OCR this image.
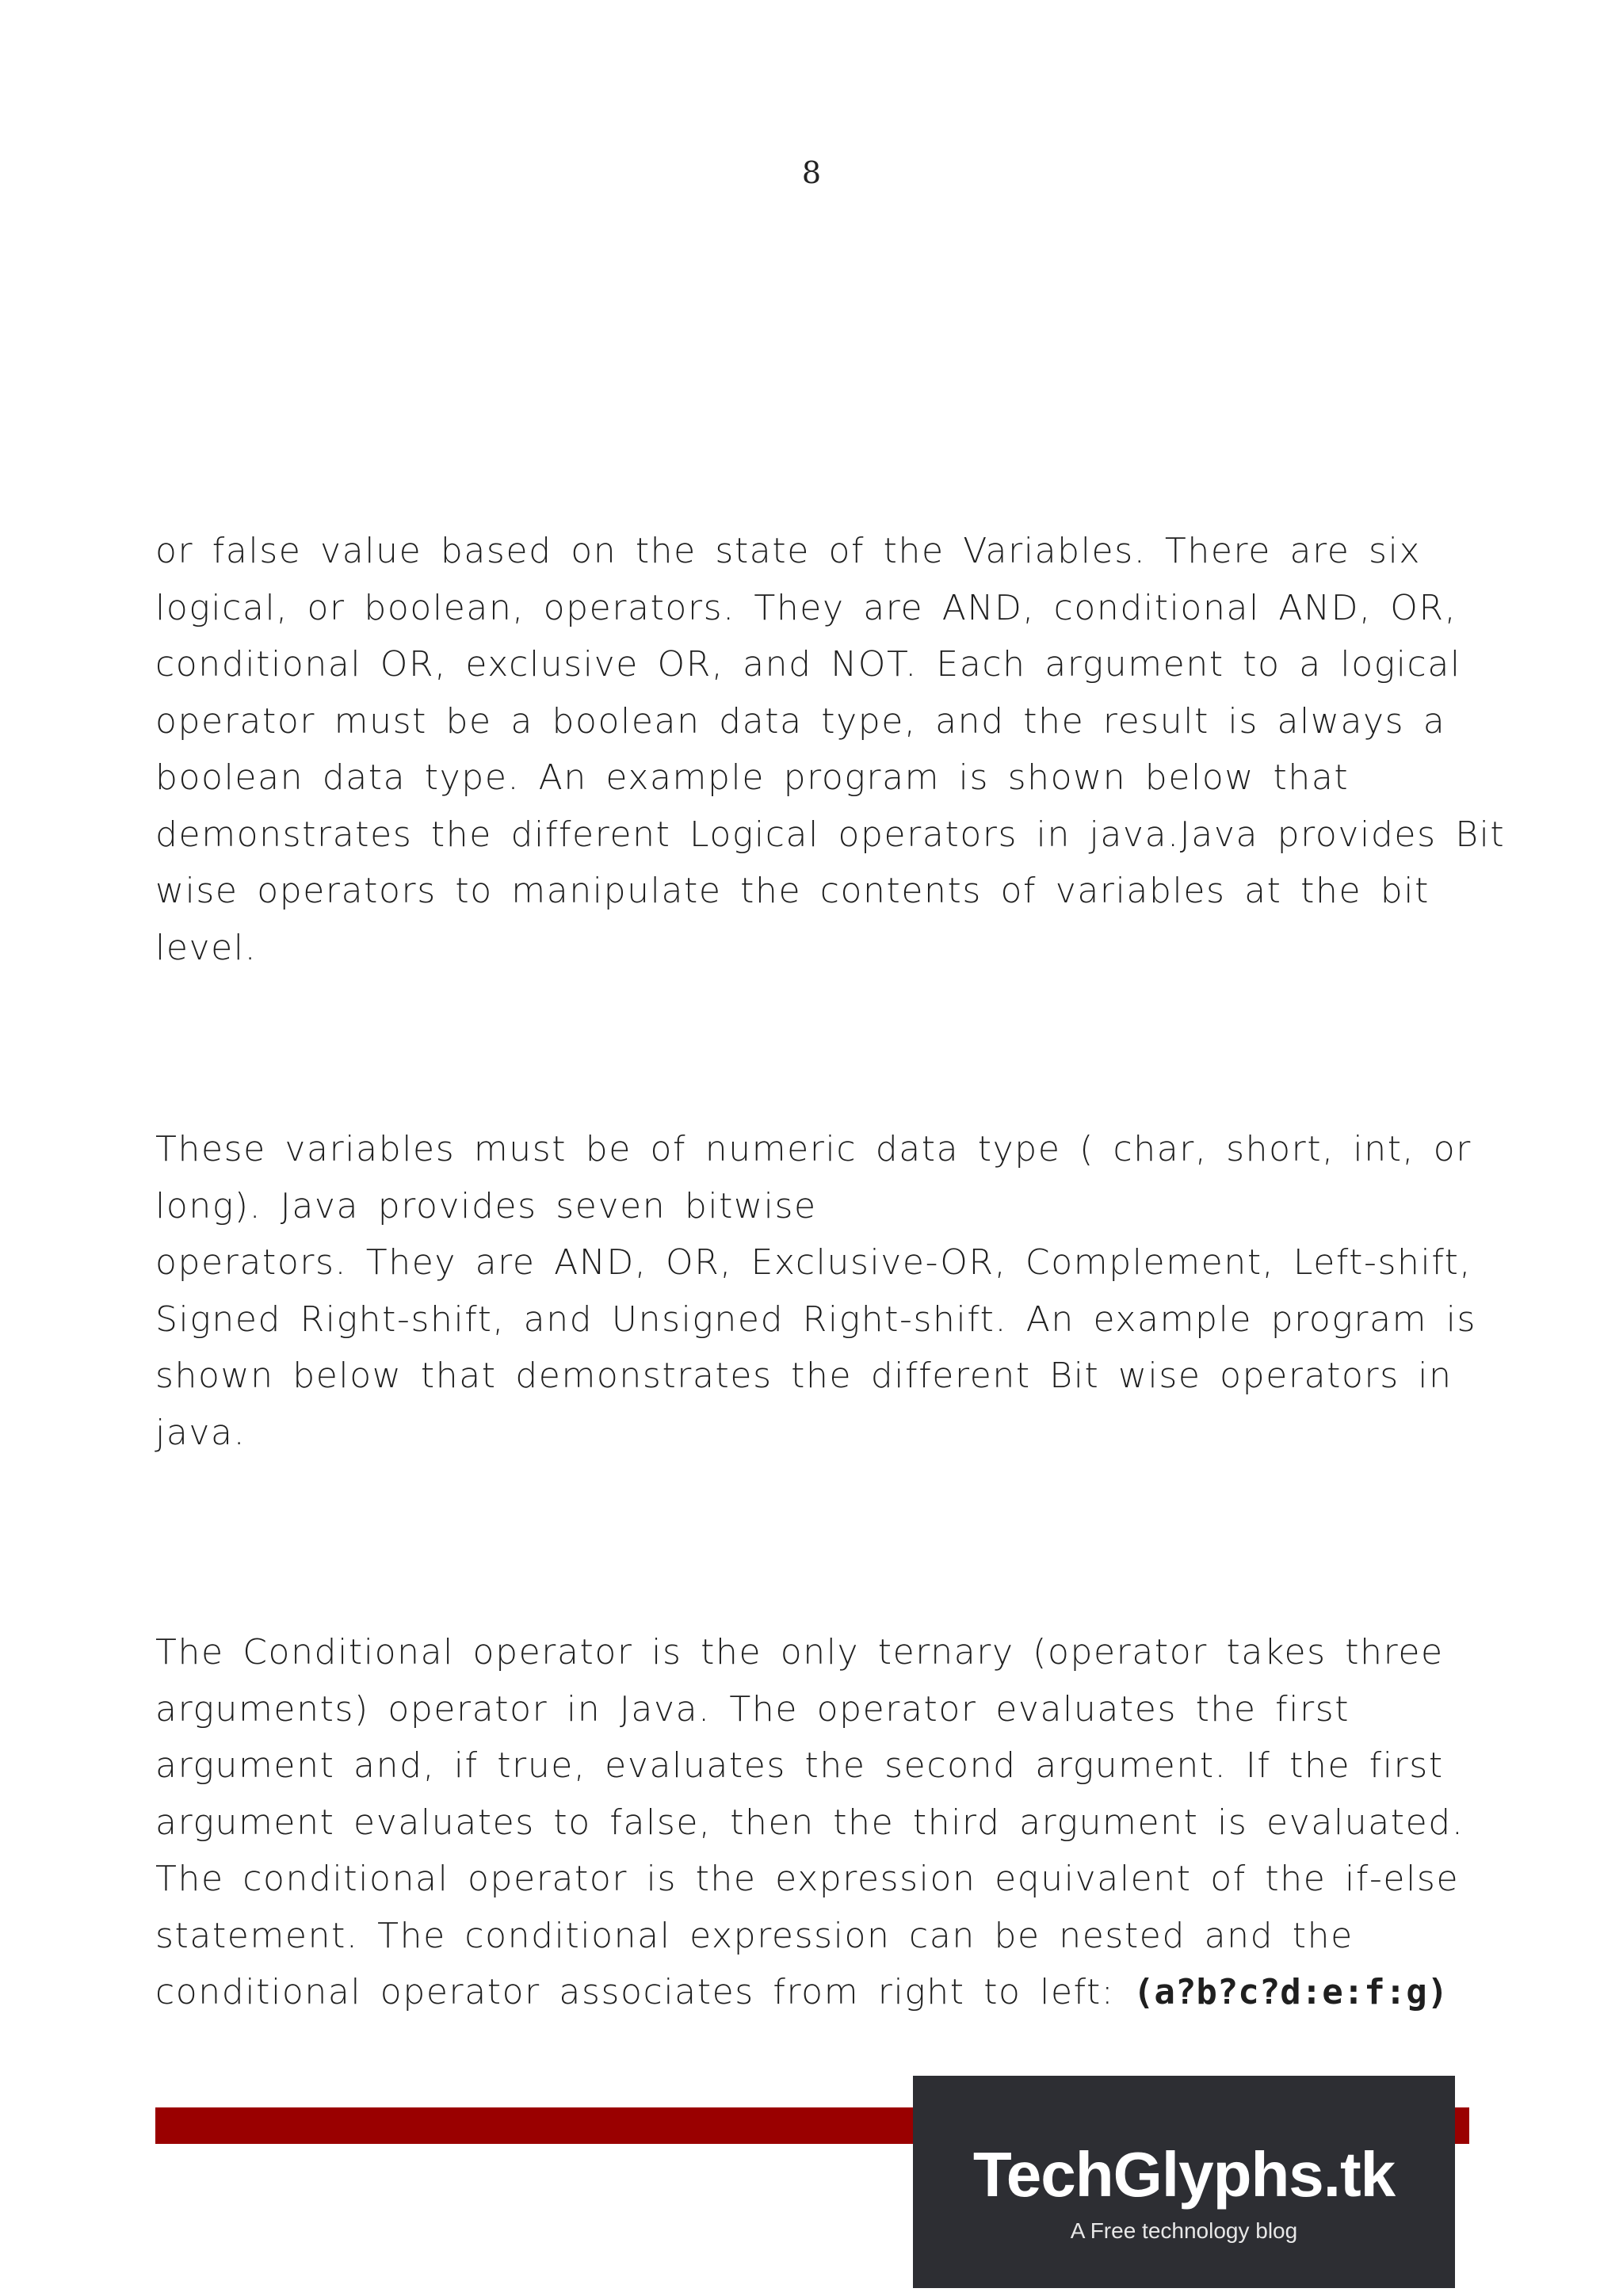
8

or false value based on the state of the Variables. There are six
logical, or boolean, operators. They are AND, conditional AND, OR,
conditional OR, exclusive OR, and NOT. Each argument to a logical
operator must be a boolean data type, and the result is always a
boolean data type. An example program is shown below that
demonstrates the different Logical operators in java.Java provides Bit
wise operators to manipulate the contents of variables at the bit
level.

These variables must be of numeric data type ( char, short, int, or
long). Java provides seven bitwise
operators. They are AND, OR, Exclusive-OR, Complement, Left-shift,
Signed Right-shift, and Unsigned Right-shift. An example program is
shown below that demonstrates the different Bit wise operators in
java.

The Conditional operator is the only ternary (operator takes three
arguments) operator in Java. The operator evaluates the first
argument and, if true, evaluates the second argument. If the first
argument evaluates to false, then the third argument is evaluated.
The conditional operator is the expression equivalent of the if-else
statement. The conditional expression can be nested and the
conditional operator associates from right to left: (a?b?c?d:e:f:g)

TechGlyphs.tk
A Free technology blog
